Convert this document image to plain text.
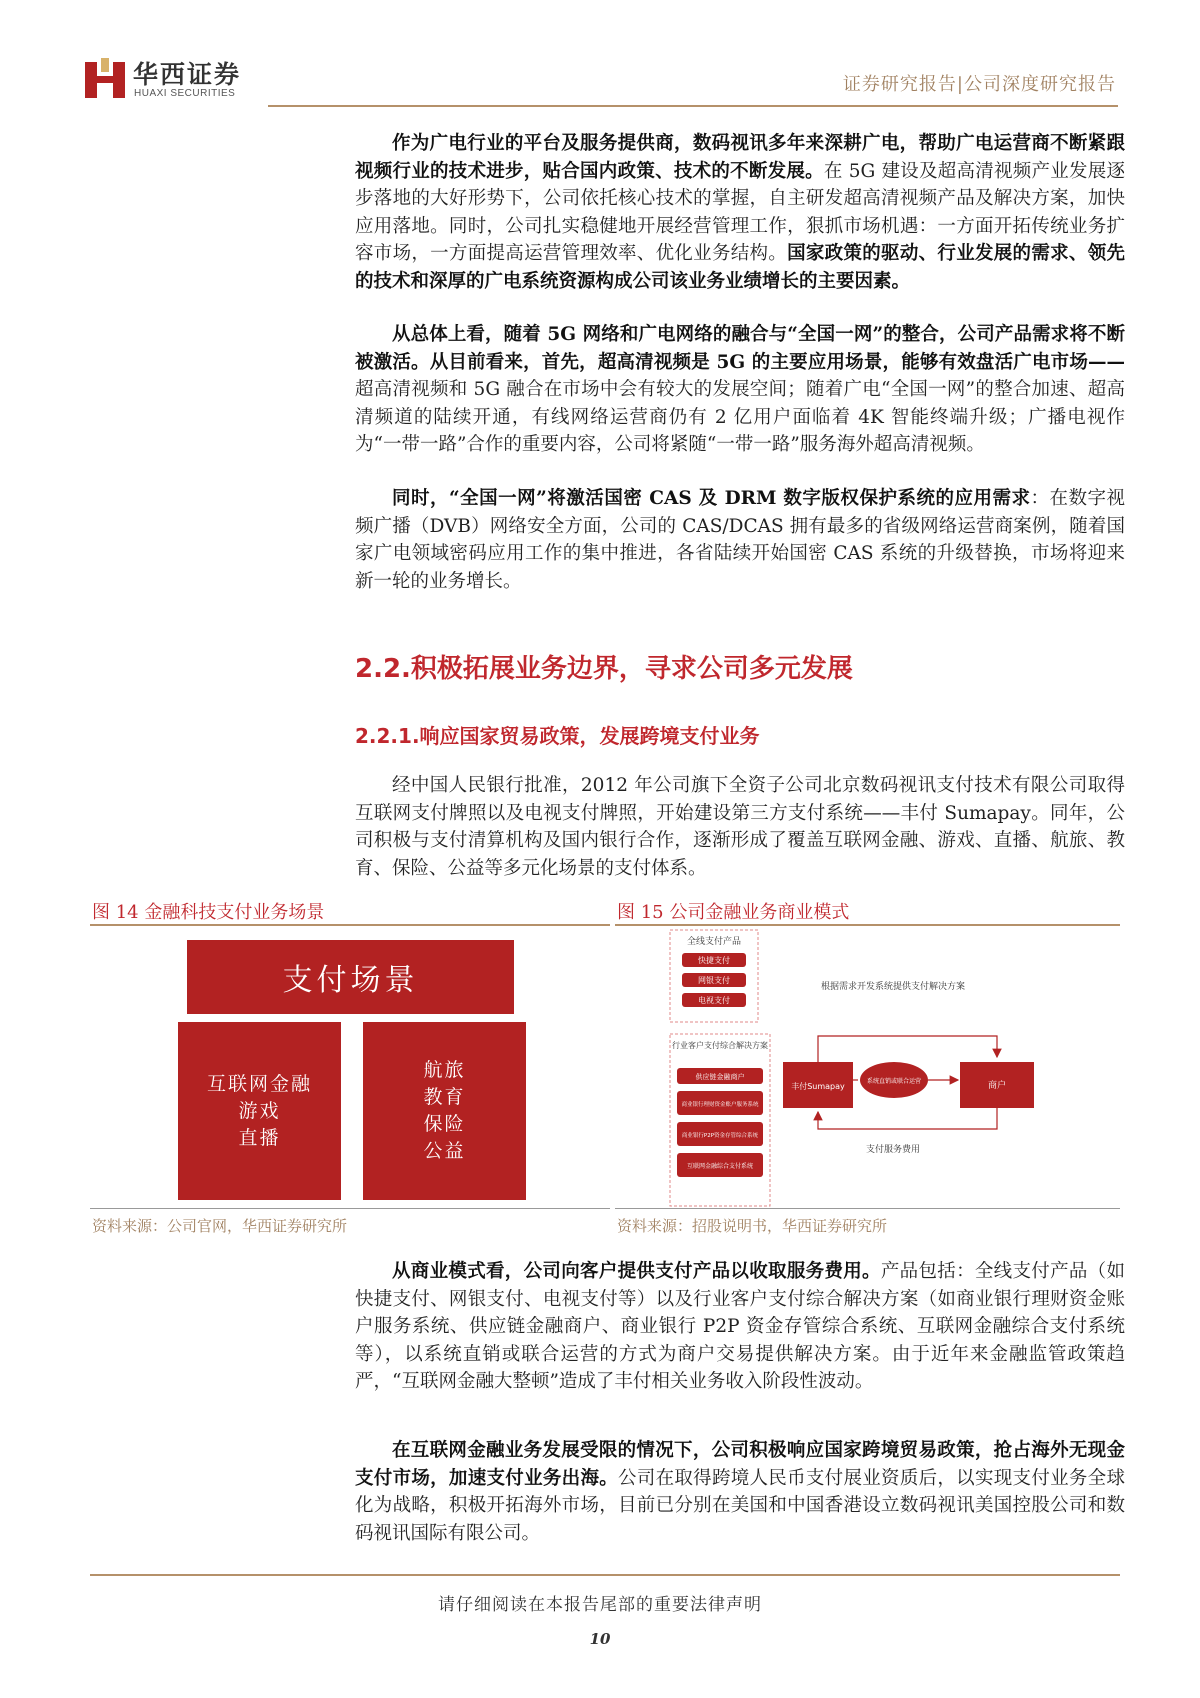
华西证券
HUAXI SECURITIES	证券研究报告|公司深度研究报告

作为广电行业的平台及服务提供商，数码视讯多年来深耕广电，帮助广电运营商不断紧跟视频行业的技术进步，贴合国内政策、技术的不断发展。在 5G 建设及超高清视频产业发展逐步落地的大好形势下，公司依托核心技术的掌握，自主研发超高清视频产品及解决方案，加快应用落地。同时，公司扎实稳健地开展经营管理工作，狠抓市场机遇：一方面开拓传统业务扩容市场，一方面提高运营管理效率、优化业务结构。国家政策的驱动、行业发展的需求、领先的技术和深厚的广电系统资源构成公司该业务业绩增长的主要因素。

从总体上看，随着 5G 网络和广电网络的融合与“全国一网”的整合，公司产品需求将不断被激活。从目前看来，首先，超高清视频是 5G 的主要应用场景，能够有效盘活广电市场——超高清视频和 5G 融合在市场中会有较大的发展空间；随着广电“全国一网”的整合加速、超高清频道的陆续开通，有线网络运营商仍有 2 亿用户面临着 4K 智能终端升级；广播电视作为“一带一路”合作的重要内容，公司将紧随“一带一路”服务海外超高清视频。

同时，“全国一网”将激活国密 CAS 及 DRM 数字版权保护系统的应用需求：在数字视频广播（DVB）网络安全方面，公司的 CAS/DCAS 拥有最多的省级网络运营商案例，随着国家广电领域密码应用工作的集中推进，各省陆续开始国密 CAS 系统的升级替换，市场将迎来新一轮的业务增长。

2.2.积极拓展业务边界，寻求公司多元发展
2.2.1.响应国家贸易政策，发展跨境支付业务

经中国人民银行批准，2012 年公司旗下全资子公司北京数码视讯支付技术有限公司取得互联网支付牌照以及电视支付牌照，开始建设第三方支付系统——丰付 Sumapay。同年，公司积极与支付清算机构及国内银行合作，逐渐形成了覆盖互联网金融、游戏、直播、航旅、教育、保险、公益等多元化场景的支付体系。

图 14 金融科技支付业务场景
支付场景
互联网金融
游戏
直播
航旅
教育
保险
公益
资料来源：公司官网，华西证券研究所
图 15 公司金融业务商业模式
全线支付产品
快捷支付
网银支付
电视支付
行业客户支付综合解决方案
供应链金融商户
商业银行理财资金账户服务系统
商业银行P2P资金存管综合系统
互联网金融综合支付系统
根据需求开发系统提供支付解决方案
丰付Sumapay
系统直销或联合运营	商户
支付服务费用
资料来源：招股说明书，华西证券研究所

从商业模式看，公司向客户提供支付产品以收取服务费用。产品包括：全线支付产品（如快捷支付、网银支付、电视支付等）以及行业客户支付综合解决方案（如商业银行理财资金账户服务系统、供应链金融商户、商业银行 P2P 资金存管综合系统、互联网金融综合支付系统等），以系统直销或联合运营的方式为商户交易提供解决方案。由于近年来金融监管政策趋严，“互联网金融大整顿”造成了丰付相关业务收入阶段性波动。

在互联网金融业务发展受限的情况下，公司积极响应国家跨境贸易政策，抢占海外无现金支付市场，加速支付业务出海。公司在取得跨境人民币支付展业资质后，以实现支付业务全球化为战略，积极开拓海外市场，目前已分别在美国和中国香港设立数码视讯美国控股公司和数码视讯国际有限公司。

请仔细阅读在本报告尾部的重要法律声明
10
